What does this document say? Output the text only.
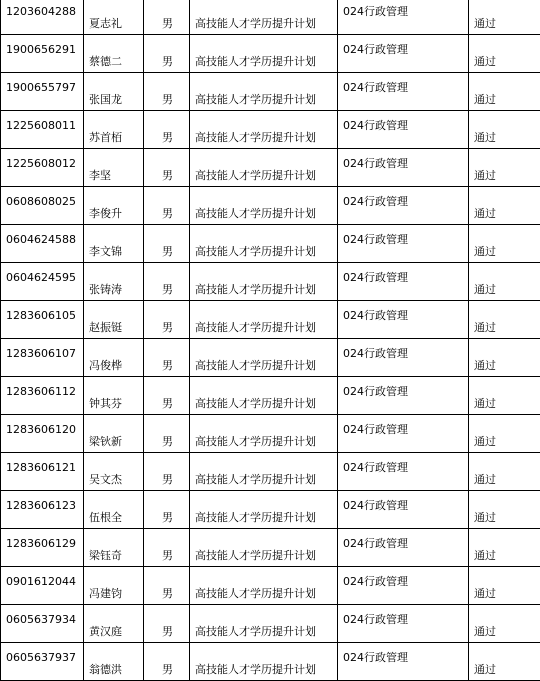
1203604288	夏志礼	男	高技能人才学历提升计划	024行政管理	通过
1900656291	蔡德二	男	高技能人才学历提升计划	024行政管理	通过
1900655797	张国龙	男	高技能人才学历提升计划	024行政管理	通过
1225608011	苏首栢	男	高技能人才学历提升计划	024行政管理	通过
1225608012	李坚	男	高技能人才学历提升计划	024行政管理	通过
0608608025	李俊升	男	高技能人才学历提升计划	024行政管理	通过
0604624588	李文锦	男	高技能人才学历提升计划	024行政管理	通过
0604624595	张铸涛	男	高技能人才学历提升计划	024行政管理	通过
1283606105	赵振铤	男	高技能人才学历提升计划	024行政管理	通过
1283606107	冯俊桦	男	高技能人才学历提升计划	024行政管理	通过
1283606112	钟其芬	男	高技能人才学历提升计划	024行政管理	通过
1283606120	梁钬新	男	高技能人才学历提升计划	024行政管理	通过
1283606121	吴文杰	男	高技能人才学历提升计划	024行政管理	通过
1283606123	伍根全	男	高技能人才学历提升计划	024行政管理	通过
1283606129	梁钰奇	男	高技能人才学历提升计划	024行政管理	通过
0901612044	冯建钧	男	高技能人才学历提升计划	024行政管理	通过
0605637934	黄汉庭	男	高技能人才学历提升计划	024行政管理	通过
0605637937	翁德洪	男	高技能人才学历提升计划	024行政管理	通过
